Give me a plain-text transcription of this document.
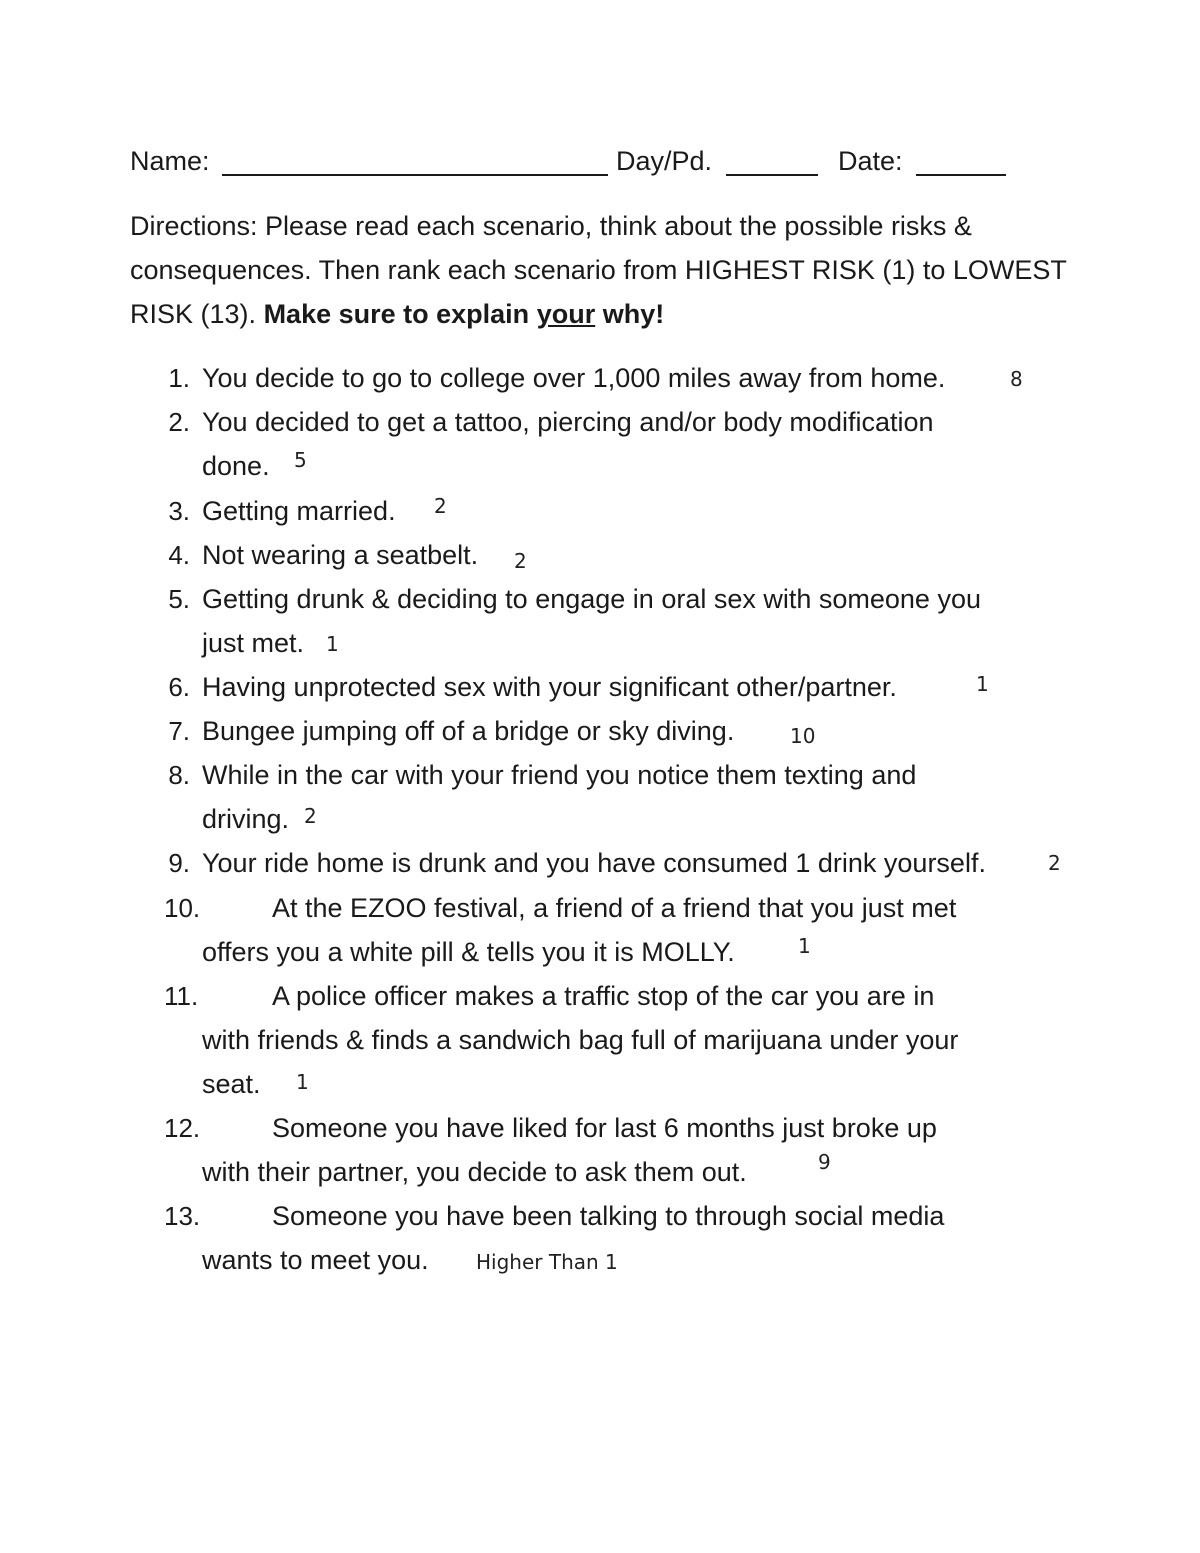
Name:	Day/Pd.	Date:
Directions: Please read each scenario, think about the possible risks & consequences. Then rank each scenario from HIGHEST RISK (1) to LOWEST RISK (13). Make sure to explain your why!
1. You decide to go to college over 1,000 miles away from home.	8
2. You decided to get a tattoo, piercing and/or body modification
done. 5
3. Getting married. 2
4. Not wearing a seatbelt. 2
5. Getting drunk & deciding to engage in oral sex with someone you
just met. 1
6. Having unprotected sex with your significant other/partner.	1
7. Bungee jumping off of a bridge or sky diving.	10
8. While in the car with your friend you notice them texting and
driving. 2
9. Your ride home is drunk and you have consumed 1 drink yourself.	2
10.	At the EZOO festival, a friend of a friend that you just met
offers you a white pill & tells you it is MOLLY.	1
11.	A police officer makes a traffic stop of the car you are in
with friends & finds a sandwich bag full of marijuana under your
seat. 1
12.	Someone you have liked for last 6 months just broke up
with their partner, you decide to ask them out.	9
13.	Someone you have been talking to through social media
wants to meet you. Higher Than 1
